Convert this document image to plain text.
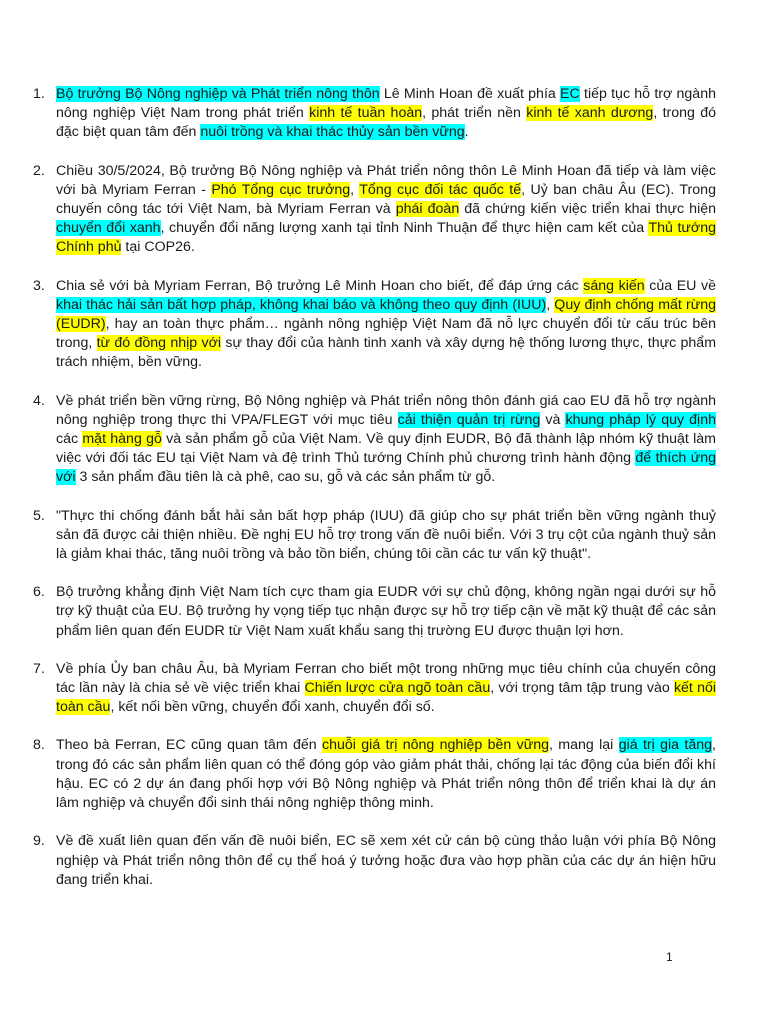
1. Bộ trưởng Bộ Nông nghiệp và Phát triển nông thôn Lê Minh Hoan đề xuất phía EC tiếp tục hỗ trợ ngành nông nghiệp Việt Nam trong phát triển kinh tế tuần hoàn, phát triển nền kinh tế xanh dương, trong đó đặc biệt quan tâm đến nuôi trồng và khai thác thủy sản bền vững.
2. Chiều 30/5/2024, Bộ trưởng Bộ Nông nghiệp và Phát triển nông thôn Lê Minh Hoan đã tiếp và làm việc với bà Myriam Ferran - Phó Tổng cục trưởng, Tổng cục đối tác quốc tế, Uỷ ban châu Âu (EC). Trong chuyến công tác tới Việt Nam, bà Myriam Ferran và phái đoàn đã chứng kiến việc triển khai thực hiện chuyển đổi xanh, chuyển đổi năng lượng xanh tại tỉnh Ninh Thuận để thực hiện cam kết của Thủ tướng Chính phủ tại COP26.
3. Chia sẻ với bà Myriam Ferran, Bộ trưởng Lê Minh Hoan cho biết, để đáp ứng các sáng kiến của EU về khai thác hải sản bất hợp pháp, không khai báo và không theo quy định (IUU), Quy định chống mất rừng (EUDR), hay an toàn thực phẩm… ngành nông nghiệp Việt Nam đã nỗ lực chuyển đổi từ cấu trúc bên trong, từ đó đồng nhịp với sự thay đổi của hành tinh xanh và xây dựng hệ thống lương thực, thực phẩm trách nhiệm, bền vững.
4. Về phát triển bền vững rừng, Bộ Nông nghiệp và Phát triển nông thôn đánh giá cao EU đã hỗ trợ ngành nông nghiệp trong thực thi VPA/FLEGT với mục tiêu cải thiện quản trị rừng và khung pháp lý quy định các mặt hàng gỗ và sản phẩm gỗ của Việt Nam. Về quy định EUDR, Bộ đã thành lập nhóm kỹ thuật làm việc với đối tác EU tại Việt Nam và đệ trình Thủ tướng Chính phủ chương trình hành động để thích ứng với 3 sản phẩm đầu tiên là cà phê, cao su, gỗ và các sản phẩm từ gỗ.
5. "Thực thi chống đánh bắt hải sản bất hợp pháp (IUU) đã giúp cho sự phát triển bền vững ngành thuỷ sản đã được cải thiện nhiều. Đề nghị EU hỗ trợ trong vấn đề nuôi biển. Với 3 trụ cột của ngành thuỷ sản là giảm khai thác, tăng nuôi trồng và bảo tồn biển, chúng tôi cần các tư vấn kỹ thuật".
6. Bộ trưởng khẳng định Việt Nam tích cực tham gia EUDR với sự chủ động, không ngần ngại dưới sự hỗ trợ kỹ thuật của EU. Bộ trưởng hy vọng tiếp tục nhận được sự hỗ trợ tiếp cận về mặt kỹ thuật để các sản phẩm liên quan đến EUDR từ Việt Nam xuất khẩu sang thị trường EU được thuận lợi hơn.
7. Về phía Ủy ban châu Âu, bà Myriam Ferran cho biết một trong những mục tiêu chính của chuyến công tác lần này là chia sẻ về việc triển khai Chiến lược cửa ngõ toàn cầu, với trọng tâm tập trung vào kết nối toàn cầu, kết nối bền vững, chuyển đổi xanh, chuyển đổi số.
8. Theo bà Ferran, EC cũng quan tâm đến chuỗi giá trị nông nghiệp bền vững, mang lại giá trị gia tăng, trong đó các sản phẩm liên quan có thể đóng góp vào giảm phát thải, chống lại tác động của biến đổi khí hậu. EC có 2 dự án đang phối hợp với Bộ Nông nghiệp và Phát triển nông thôn để triển khai là dự án lâm nghiệp và chuyển đổi sinh thái nông nghiệp thông minh.
9. Về đề xuất liên quan đến vấn đề nuôi biển, EC sẽ xem xét cử cán bộ cùng thảo luận với phía Bộ Nông nghiệp và Phát triển nông thôn để cụ thể hoá ý tưởng hoặc đưa vào hợp phần của các dự án hiện hữu đang triển khai.
1
